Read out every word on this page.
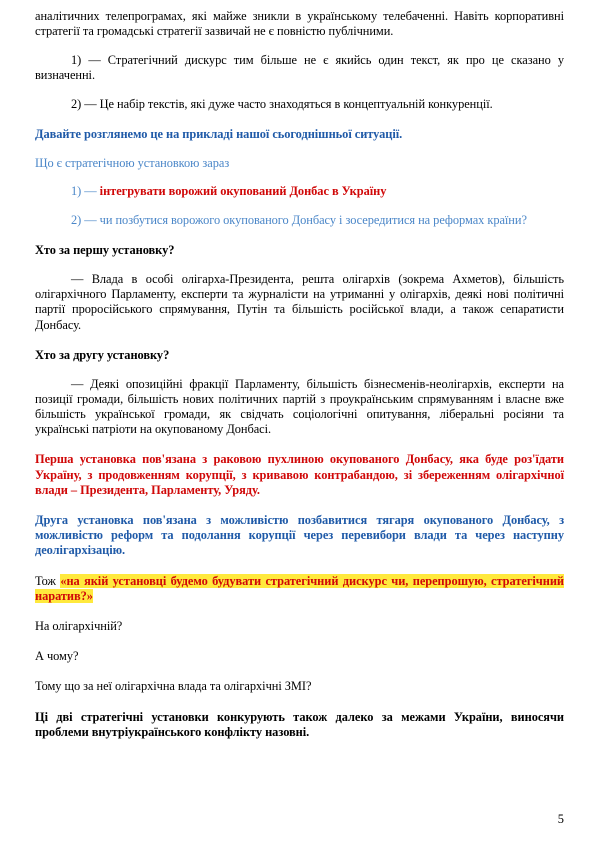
аналітичних телепрограмах, які майже зникли в українському телебаченні. Навіть корпоративні стратегії та громадські стратегії зазвичай не є повністю публічними.

1) — Стратегічний дискурс тим більше не є якийсь один текст, як про це сказано у визначенні.

2) — Це набір текстів, які дуже часто знаходяться в концептуальній конкуренції.

Давайте розглянемо це на прикладі нашої сьогоднішньої ситуації.

Що є стратегічною установкою зараз

1) — інтегрувати ворожий окупований Донбас в Україну

2) — чи позбутися ворожого окупованого Донбасу і зосередитися на реформах країни?

Хто за першу установку?

— Влада в особі олігарха-Президента, решта олігархів (зокрема Ахметов), більшість олігархічного Парламенту, експерти та журналісти на утриманні у олігархів, деякі нові політичні партії проросійського спрямування, Путін та більшість російської влади, а також сепаратисти Донбасу.

Хто за другу установку?

— Деякі опозиційні фракції Парламенту, більшість бізнесменів-неолігархів, експерти на позиції громади, більшість нових політичних партій з проукраїнським спрямуванням і власне вже більшість української громади, як свідчать соціологічні опитування, ліберальні росіяни та українські патріоти на окупованому Донбасі.

Перша установка пов'язана з раковою пухлиною окупованого Донбасу, яка буде роз'їдати Україну, з продовженням корупції, з кривавою контрабандою, зі збереженням олігархічної влади – Президента, Парламенту, Уряду.

Друга установка пов'язана з можливістю позбавитися тягаря окупованого Донбасу, з можливістю реформ та подолання корупції через перевибори влади та через наступну деолігархізацію.

Тож «на якій установці будемо будувати стратегічний дискурс чи, перепрошую, стратегічний наратив?»

На олігархічній?

А чому?

Тому що за неї олігархічна влада та олігархічні ЗМІ?

Ці дві стратегічні установки конкурують також далеко за межами України, виносячи проблеми внутріукраїнського конфлікту назовні.

5
